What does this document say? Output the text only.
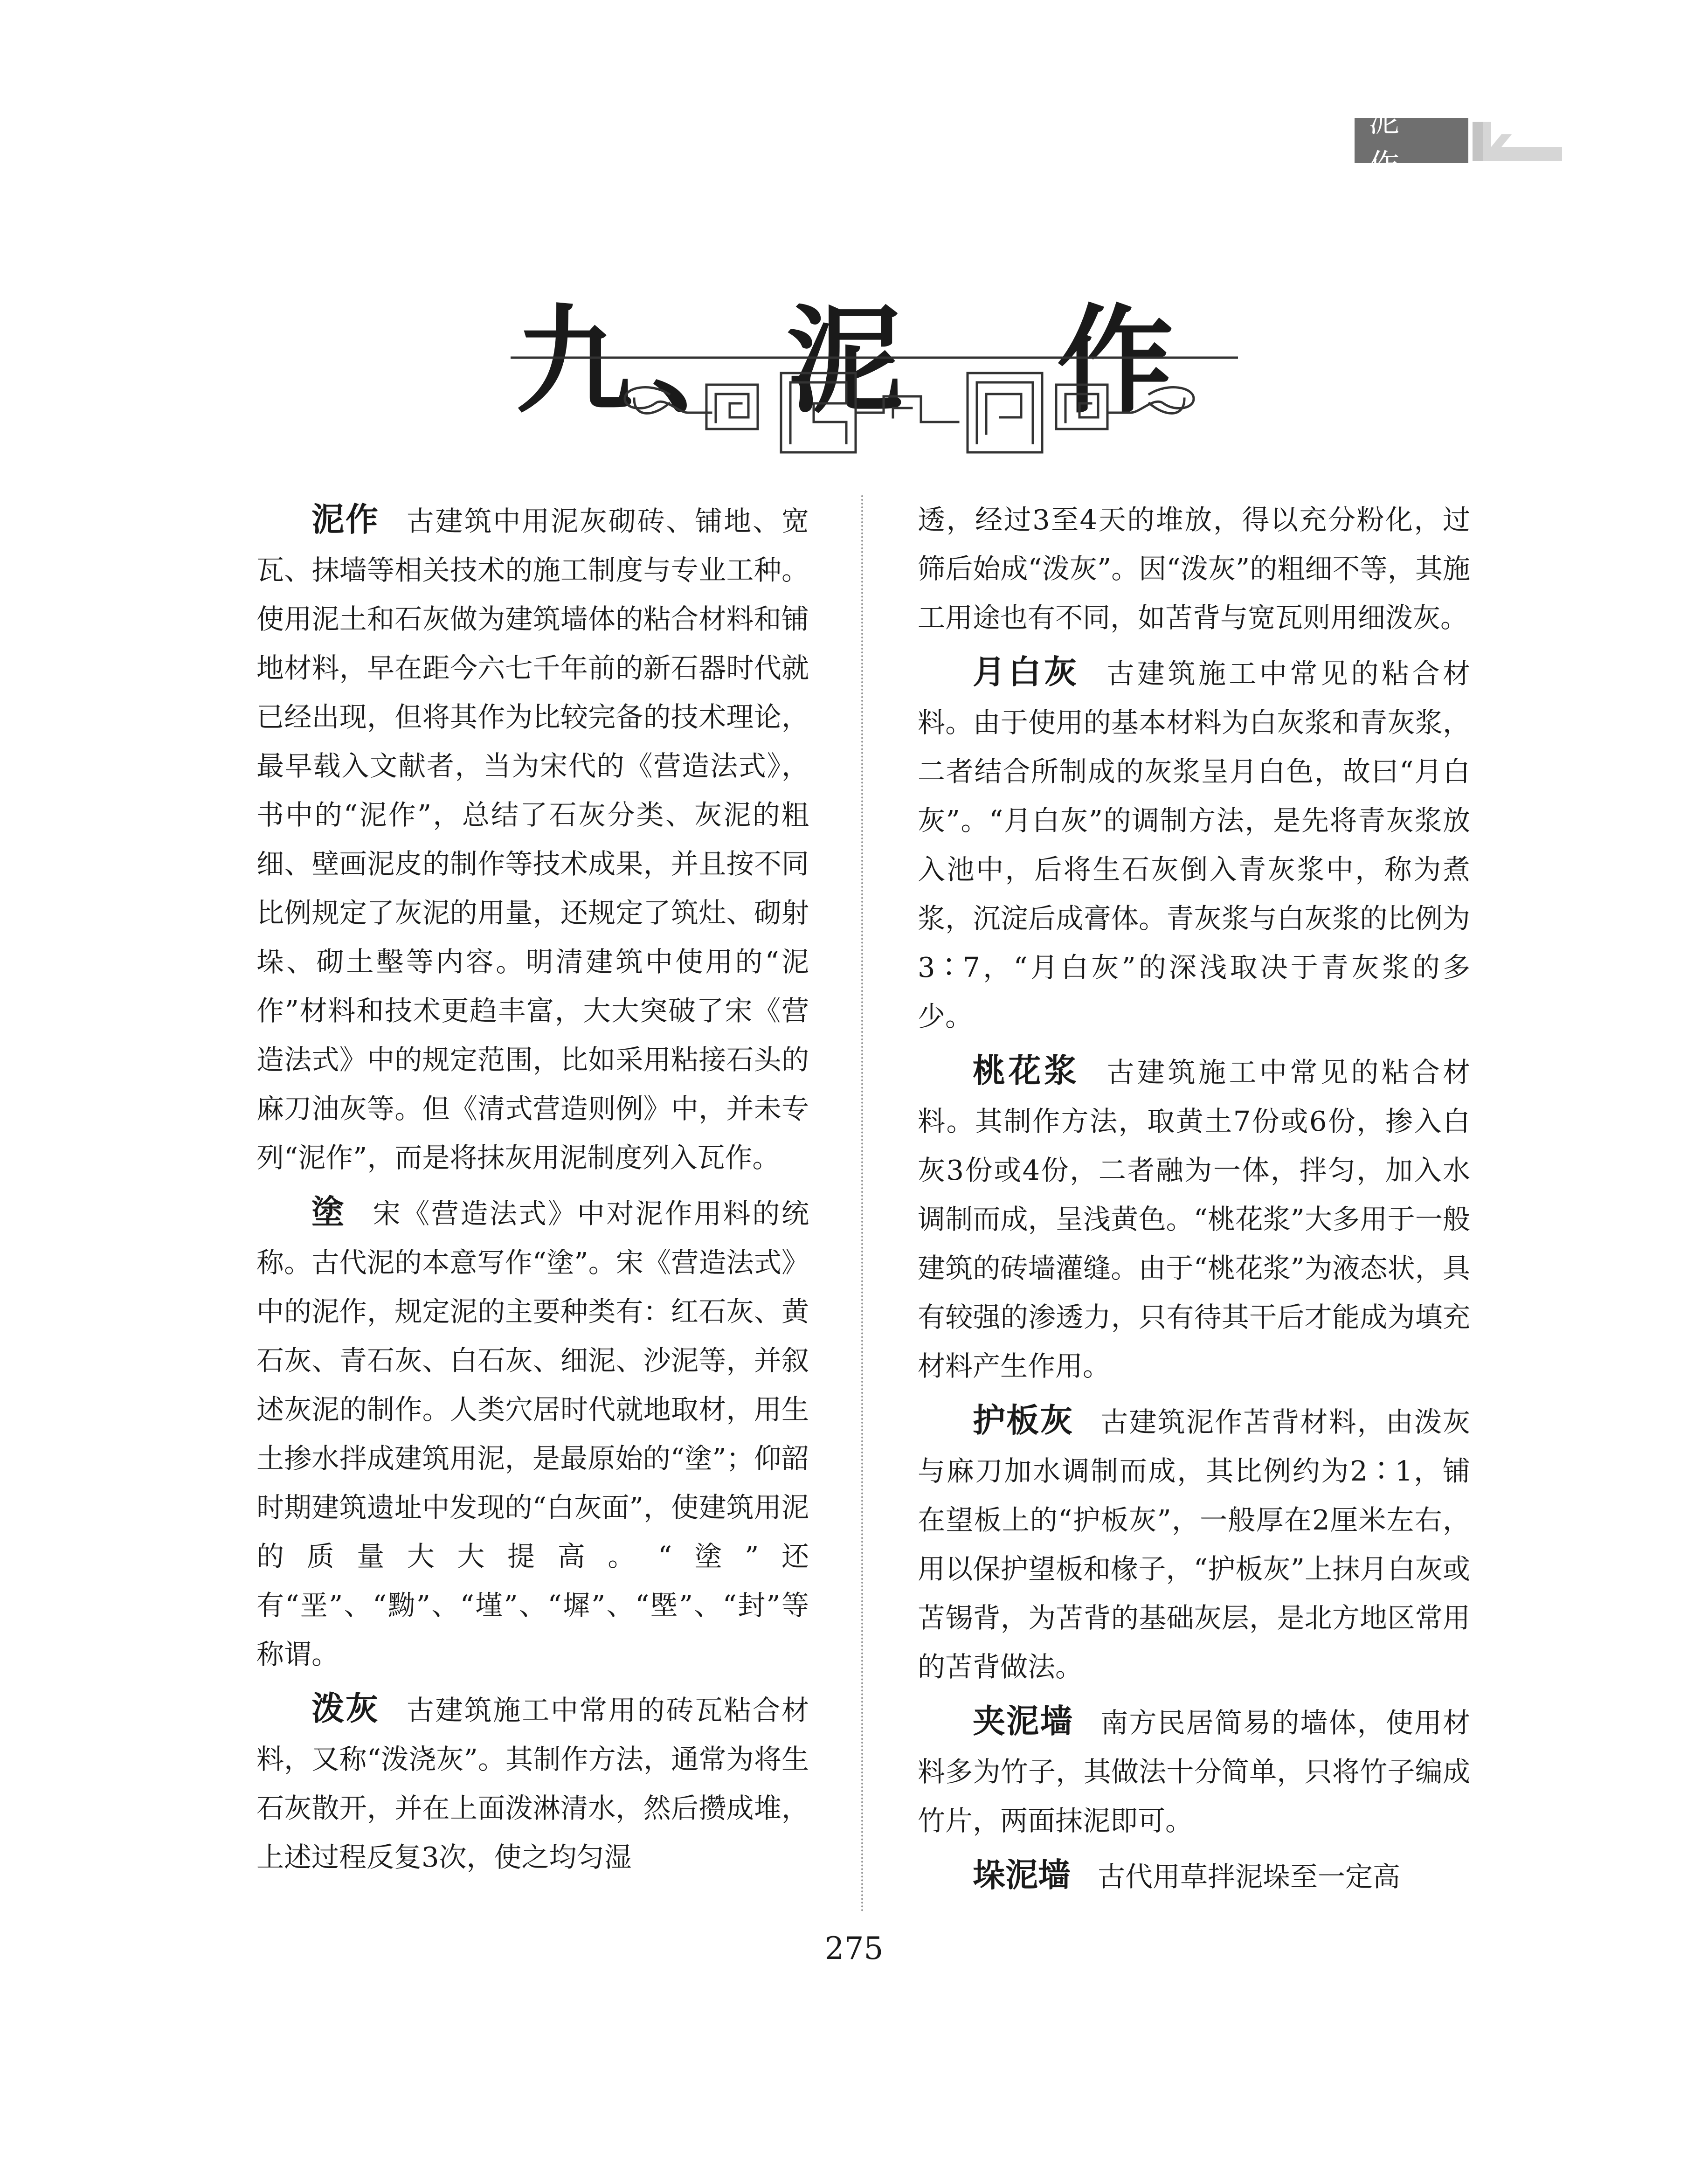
泥 作
九、泥　作

泥作 古建筑中用泥灰砌砖、铺地、宽瓦、抹墙等相关技术的施工制度与专业工种。使用泥土和石灰做为建筑墙体的粘合材料和铺地材料，早在距今六七千年前的新石器时代就已经出现，但将其作为比较完备的技术理论，最早载入文献者，当为宋代的《营造法式》，书中的“泥作”，总结了石灰分类、灰泥的粗细、壁画泥皮的制作等技术成果，并且按不同比例规定了灰泥的用量，还规定了筑灶、砌射垛、砌土墼等内容。明清建筑中使用的“泥作”材料和技术更趋丰富，大大突破了宋《营造法式》中的规定范围，比如采用粘接石头的麻刀油灰等。但《清式营造则例》中，并未专列“泥作”，而是将抹灰用泥制度列入瓦作。

塗 宋《营造法式》中对泥作用料的统称。古代泥的本意写作“塗”。宋《营造法式》中的泥作，规定泥的主要种类有：红石灰、黄石灰、青石灰、白石灰、细泥、沙泥等，并叙述灰泥的制作。人类穴居时代就地取材，用生土掺水拌成建筑用泥，是最原始的“塗”；仰韶时期建筑遗址中发现的“白灰面”，使建筑用泥的质量大大提高。“塗”还有“垩”、“黝”、“墐”、“墀”、“塈”、“封”等称谓。

泼灰 古建筑施工中常用的砖瓦粘合材料，又称“泼浇灰”。其制作方法，通常为将生石灰散开，并在上面泼淋清水，然后攒成堆，上述过程反复3次，使之均匀湿

透，经过3至4天的堆放，得以充分粉化，过筛后始成“泼灰”。因“泼灰”的粗细不等，其施工用途也有不同，如苫背与宽瓦则用细泼灰。

月白灰 古建筑施工中常见的粘合材料。由于使用的基本材料为白灰浆和青灰浆，二者结合所制成的灰浆呈月白色，故曰“月白灰”。“月白灰”的调制方法，是先将青灰浆放入池中，后将生石灰倒入青灰浆中，称为煮浆，沉淀后成膏体。青灰浆与白灰浆的比例为3∶7，“月白灰”的深浅取决于青灰浆的多少。

桃花浆 古建筑施工中常见的粘合材料。其制作方法，取黄土7份或6份，掺入白灰3份或4份，二者融为一体，拌匀，加入水调制而成，呈浅黄色。“桃花浆”大多用于一般建筑的砖墙灌缝。由于“桃花浆”为液态状，具有较强的渗透力，只有待其干后才能成为填充材料产生作用。

护板灰 古建筑泥作苫背材料，由泼灰与麻刀加水调制而成，其比例约为2∶1，铺在望板上的“护板灰”，一般厚在2厘米左右，用以保护望板和椽子，“护板灰”上抹月白灰或苫锡背，为苫背的基础灰层，是北方地区常用的苫背做法。

夹泥墙 南方民居简易的墙体，使用材料多为竹子，其做法十分简单，只将竹子编成竹片，两面抹泥即可。

垛泥墙 古代用草拌泥垛至一定高

275
